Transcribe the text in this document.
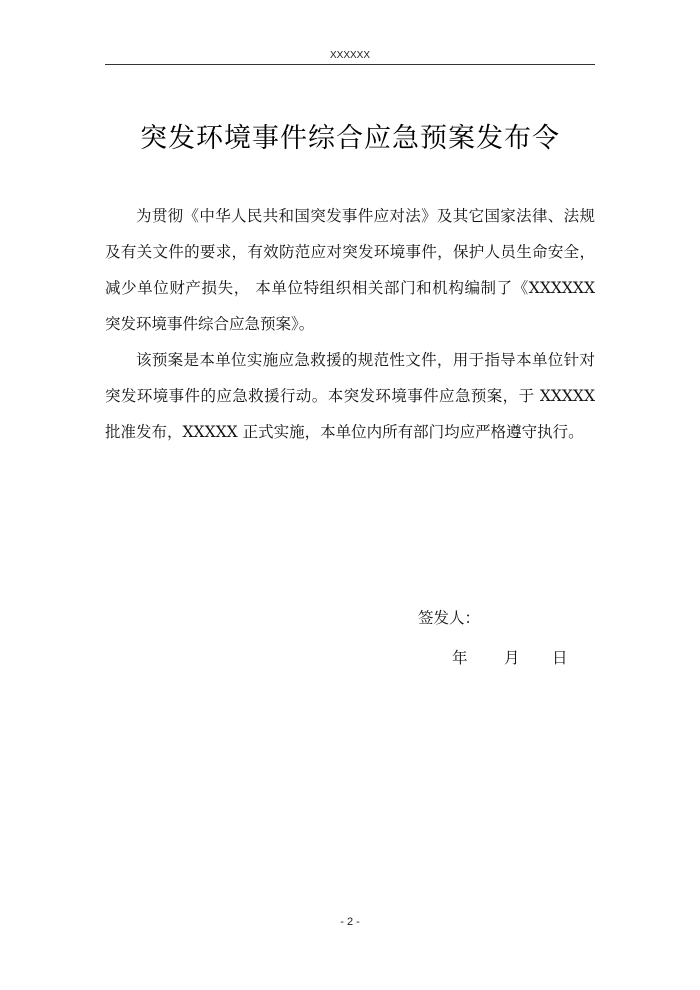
XXXXXX
突发环境事件综合应急预案发布令

为贯彻《中华人民共和国突发事件应对法》及其它国家法律、法规及有关文件的要求，有效防范应对突发环境事件，保护人员生命安全，减少单位财产损失， 本单位特组织相关部门和机构编制了《XXXXXX 突发环境事件综合应急预案》。

该预案是本单位实施应急救援的规范性文件，用于指导本单位针对突发环境事件的应急救援行动。本突发环境事件应急预案，于 XXXXX 批准发布，XXXXX 正式实施，本单位内所有部门均应严格遵守执行。

签发人：
年	月	日
- 2 -
